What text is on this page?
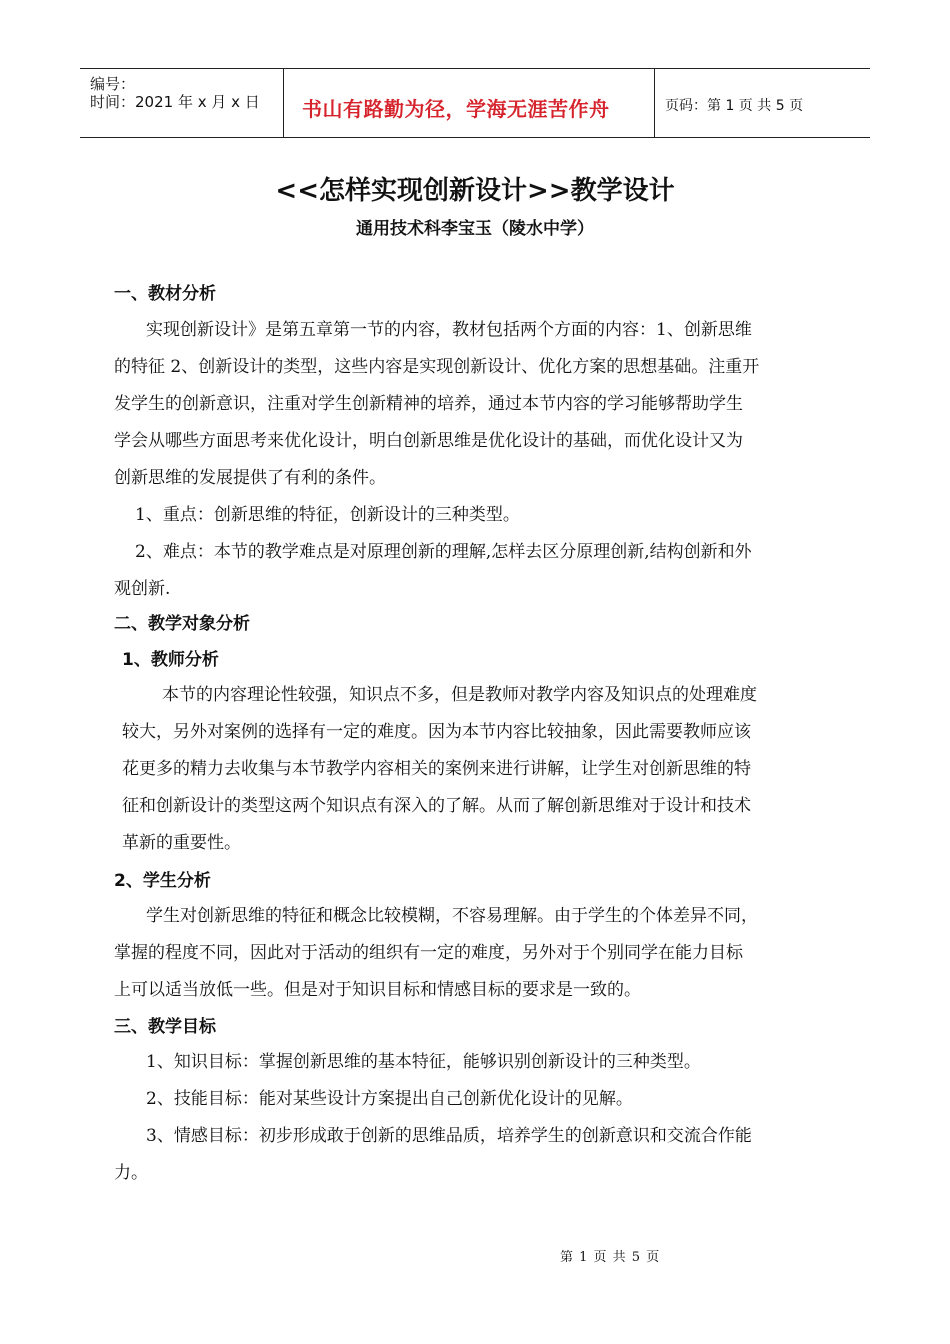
编号：
时间：2021 年 x 月 x 日 书山有路勤为径，学海无涯苦作舟	页码：第 1 页 共 5 页
<<怎样实现创新设计>>教学设计
通用技术科李宝玉（陵水中学）
一、教材分析
实现创新设计》是第五章第一节的内容，教材包括两个方面的内容：1、创新思维
的特征 2、创新设计的类型，这些内容是实现创新设计、优化方案的思想基础。注重开
发学生的创新意识，注重对学生创新精神的培养，通过本节内容的学习能够帮助学生
学会从哪些方面思考来优化设计，明白创新思维是优化设计的基础，而优化设计又为
创新思维的发展提供了有利的条件。
1、重点：创新思维的特征，创新设计的三种类型。
2、难点：本节的教学难点是对原理创新的理解,怎样去区分原理创新,结构创新和外
观创新.
二、教学对象分析
1、教师分析
本节的内容理论性较强，知识点不多，但是教师对教学内容及知识点的处理难度
较大，另外对案例的选择有一定的难度。因为本节内容比较抽象，因此需要教师应该
花更多的精力去收集与本节教学内容相关的案例来进行讲解，让学生对创新思维的特
征和创新设计的类型这两个知识点有深入的了解。从而了解创新思维对于设计和技术
革新的重要性。
2、学生分析
学生对创新思维的特征和概念比较模糊，不容易理解。由于学生的个体差异不同，
掌握的程度不同，因此对于活动的组织有一定的难度，另外对于个别同学在能力目标
上可以适当放低一些。但是对于知识目标和情感目标的要求是一致的。
三、教学目标
1、知识目标：掌握创新思维的基本特征，能够识别创新设计的三种类型。
2、技能目标：能对某些设计方案提出自己创新优化设计的见解。
3、情感目标：初步形成敢于创新的思维品质，培养学生的创新意识和交流合作能
力。
第 1 页 共 5 页
